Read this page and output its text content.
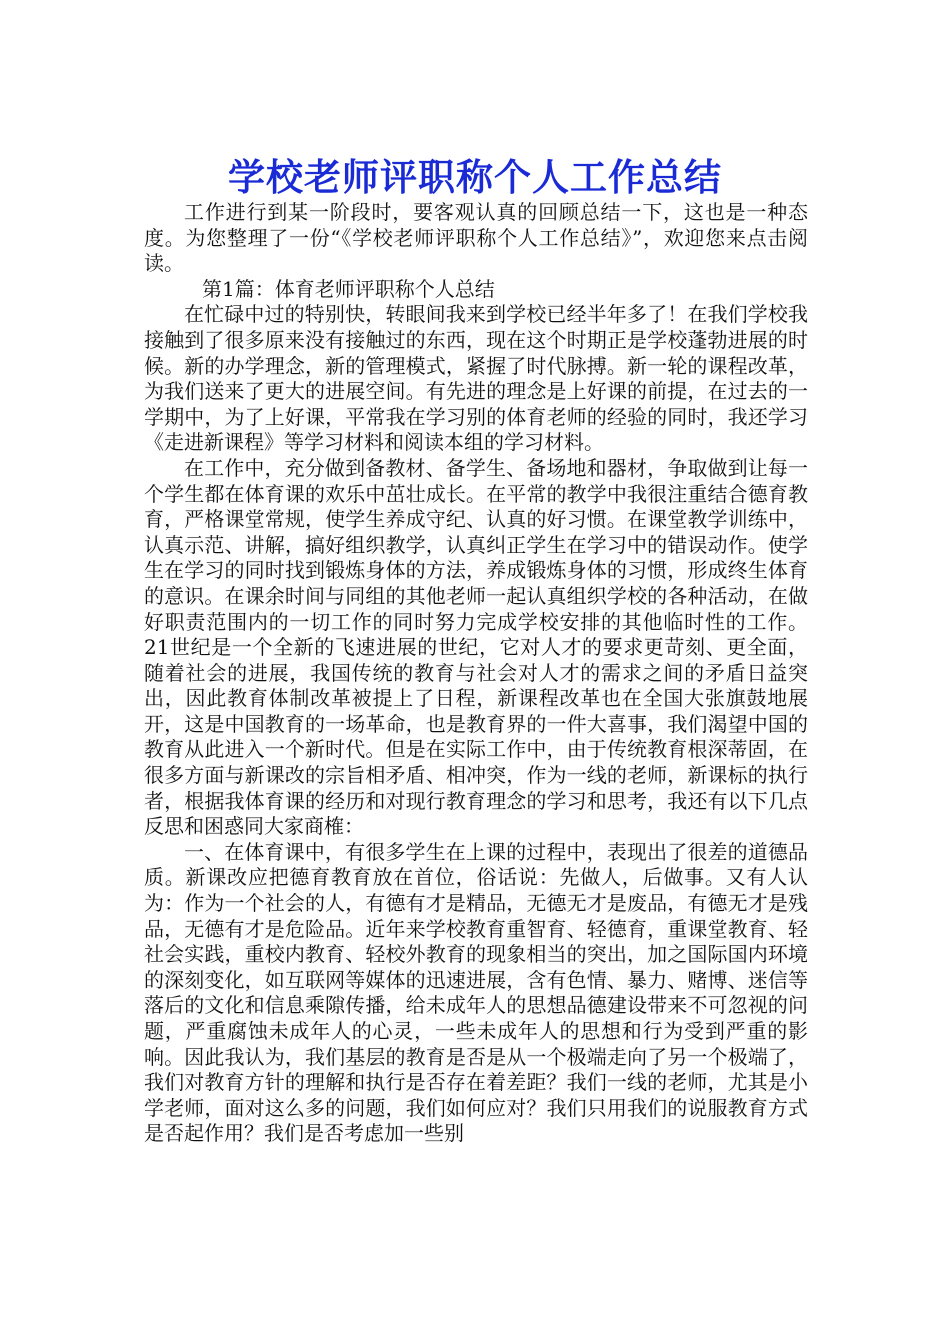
学校老师评职称个人工作总结

工作进行到某一阶段时，要客观认真的回顾总结一下，这也是一种态度。为您整理了一份“《学校老师评职称个人工作总结》”，欢迎您来点击阅读。

第1篇：体育老师评职称个人总结

在忙碌中过的特别快，转眼间我来到学校已经半年多了！在我们学校我接触到了很多原来没有接触过的东西，现在这个时期正是学校蓬勃进展的时候。新的办学理念，新的管理模式，紧握了时代脉搏。新一轮的课程改革，为我们送来了更大的进展空间。有先进的理念是上好课的前提，在过去的一学期中，为了上好课，平常我在学习别的体育老师的经验的同时，我还学习《走进新课程》等学习材料和阅读本组的学习材料。

在工作中，充分做到备教材、备学生、备场地和器材，争取做到让每一个学生都在体育课的欢乐中茁壮成长。在平常的教学中我很注重结合德育教育，严格课堂常规，使学生养成守纪、认真的好习惯。在课堂教学训练中，认真示范、讲解，搞好组织教学，认真纠正学生在学习中的错误动作。使学生在学习的同时找到锻炼身体的方法，养成锻炼身体的习惯，形成终生体育的意识。在课余时间与同组的其他老师一起认真组织学校的各种活动，在做好职责范围内的一切工作的同时努力完成学校安排的其他临时性的工作。21世纪是一个全新的飞速进展的世纪，它对人才的要求更苛刻、更全面，随着社会的进展，我国传统的教育与社会对人才的需求之间的矛盾日益突出，因此教育体制改革被提上了日程，新课程改革也在全国大张旗鼓地展开，这是中国教育的一场革命，也是教育界的一件大喜事，我们渴望中国的教育从此进入一个新时代。但是在实际工作中，由于传统教育根深蒂固，在很多方面与新课改的宗旨相矛盾、相冲突，作为一线的老师，新课标的执行者，根据我体育课的经历和对现行教育理念的学习和思考，我还有以下几点反思和困惑同大家商榷：

一、在体育课中，有很多学生在上课的过程中，表现出了很差的道德品质。新课改应把德育教育放在首位，俗话说：先做人，后做事。又有人认为：作为一个社会的人，有德有才是精品，无德无才是废品，有德无才是残品，无德有才是危险品。近年来学校教育重智育、轻德育，重课堂教育、轻社会实践，重校内教育、轻校外教育的现象相当的突出，加之国际国内环境的深刻变化，如互联网等媒体的迅速进展，含有色情、暴力、赌博、迷信等落后的文化和信息乘隙传播，给未成年人的思想品德建设带来不可忽视的问题，严重腐蚀未成年人的心灵，一些未成年人的思想和行为受到严重的影响。因此我认为，我们基层的教育是否是从一个极端走向了另一个极端了，我们对教育方针的理解和执行是否存在着差距？我们一线的老师，尤其是小学老师，面对这么多的问题，我们如何应对？我们只用我们的说服教育方式是否起作用？我们是否考虑加一些别
